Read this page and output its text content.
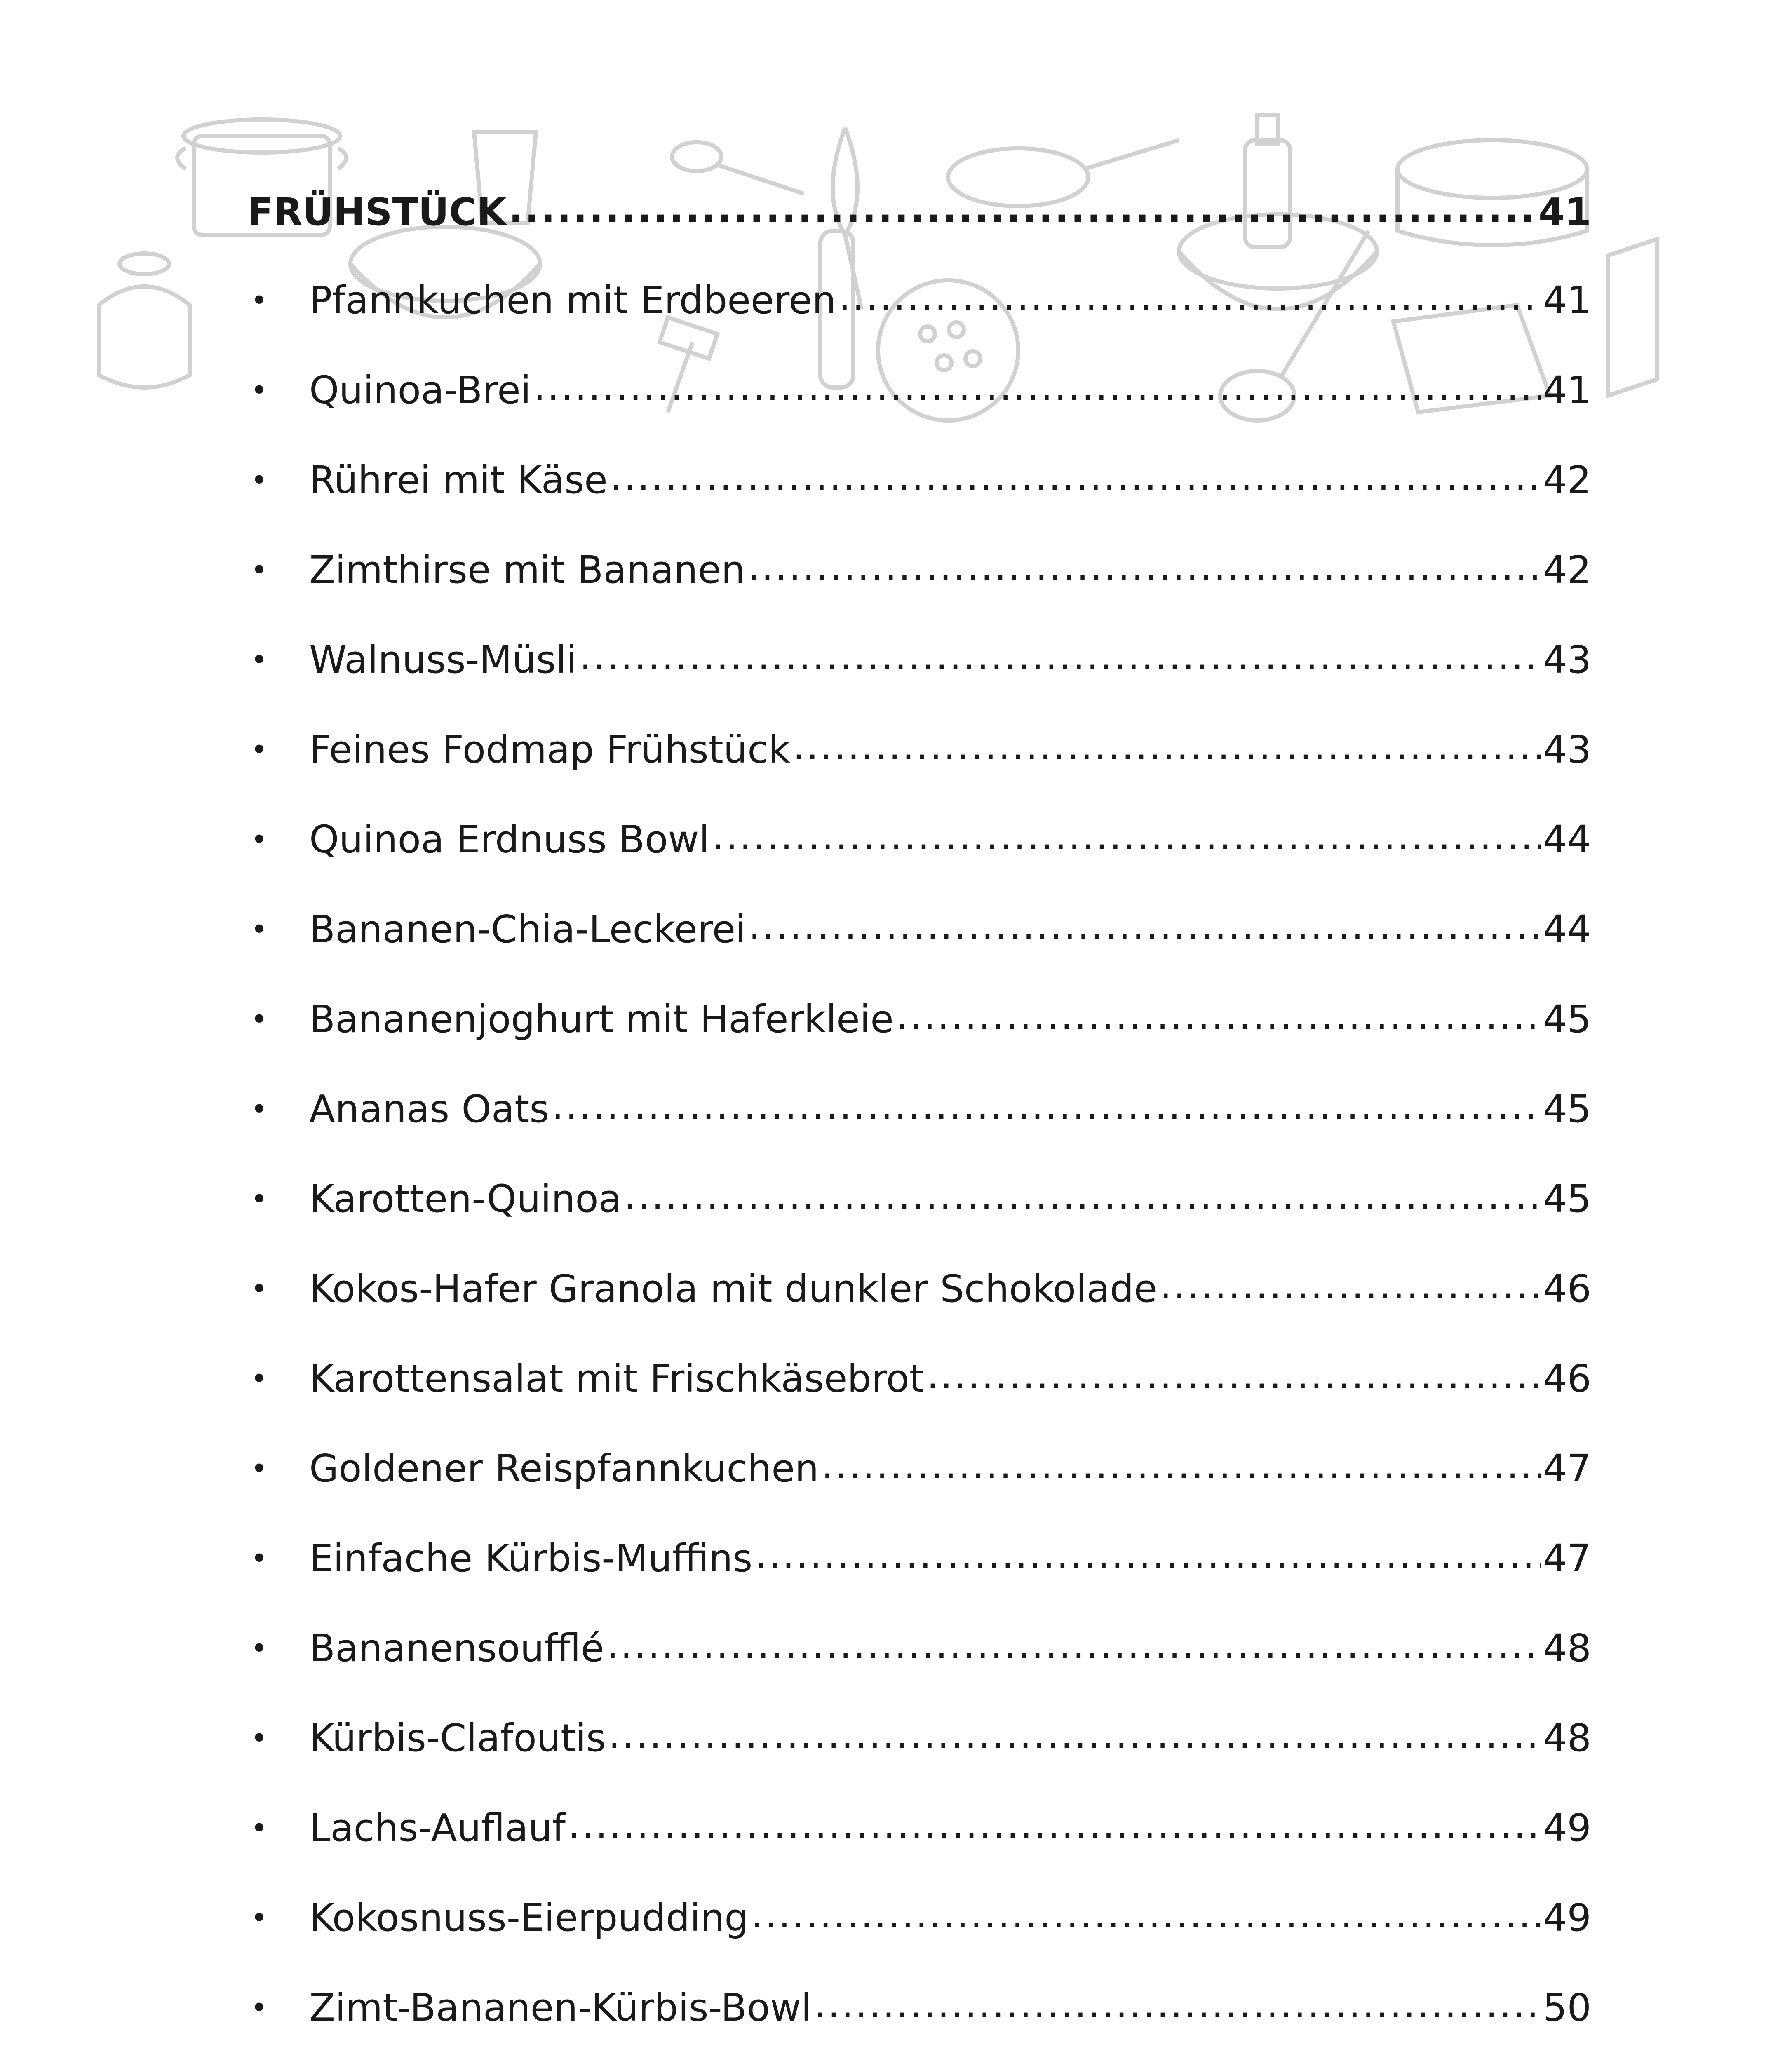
FRÜHSTÜCK .....	41
•	Pfannkuchen mit Erdbeeren .....	41
•	Quinoa-Brei .....	41
•	Rührei mit Käse .....	42
•	Zimthirse mit Bananen .....	42
•	Walnuss-Müsli .....	43
•	Feines Fodmap Frühstück .....	43
•	Quinoa Erdnuss Bowl .....	44
•	Bananen-Chia-Leckerei .....	44
•	Bananenjoghurt mit Haferkleie .....	45
•	Ananas Oats .....	45
•	Karotten-Quinoa .....	45
•	Kokos-Hafer Granola mit dunkler Schokolade .....	46
•	Karottensalat mit Frischkäsebrot .....	46
•	Goldener Reispfannkuchen .....	47
•	Einfache Kürbis-Muffins .....	47
•	Bananensoufflé .....	48
•	Kürbis-Clafoutis .....	48
•	Lachs-Auflauf .....	49
•	Kokosnuss-Eierpudding .....	49
•	Zimt-Bananen-Kürbis-Bowl .....	50
